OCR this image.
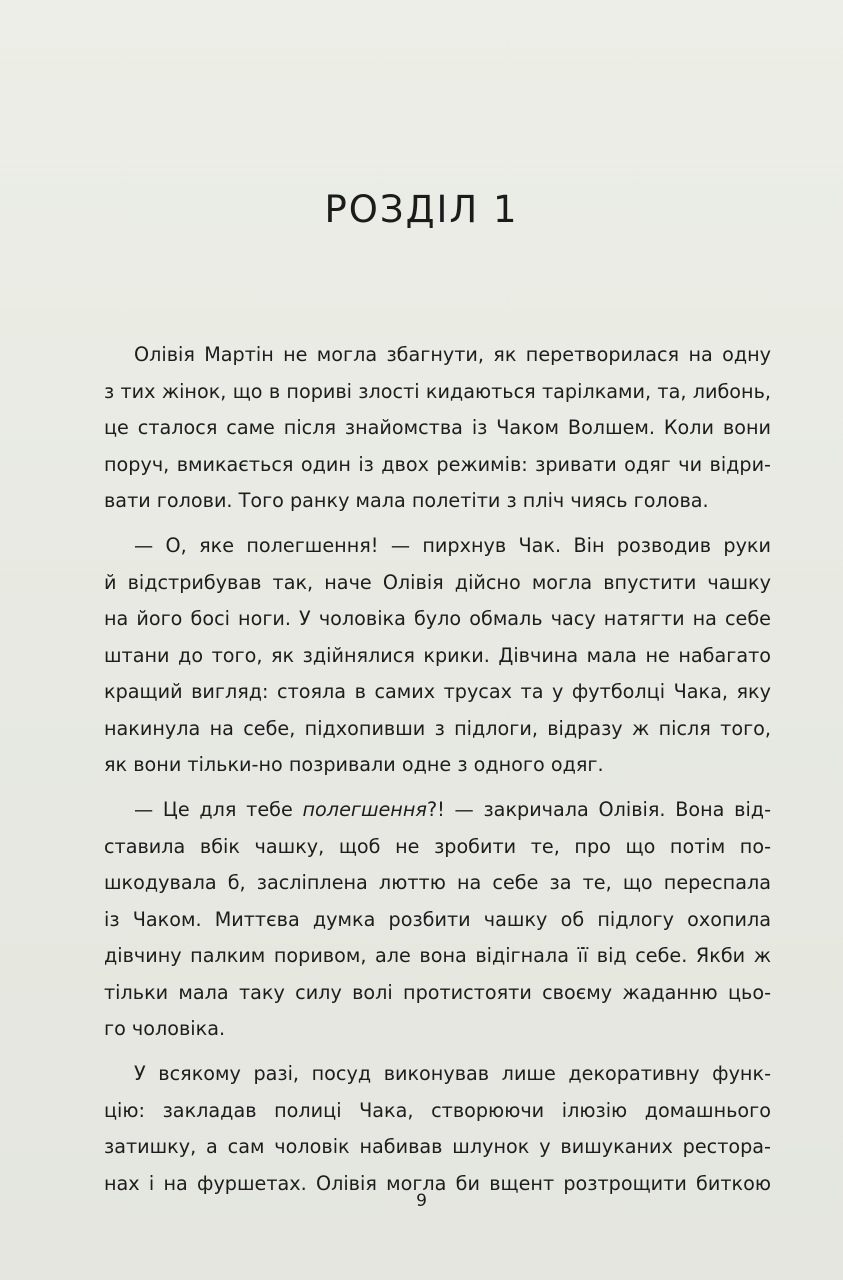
РОЗДІЛ 1
Олівія Мартін не могла збагнути, як перетворилася на одну
з тих жінок, що в пориві злості кидаються тарілками, та, либонь,
це сталося саме після знайомства із Чаком Волшем. Коли вони
поруч, вмикається один із двох режимів: зривати одяг чи відри-
вати голови. Того ранку мала полетіти з пліч чиясь голова.
— О, яке полегшення! — пирхнув Чак. Він розводив руки
й відстрибував так, наче Олівія дійсно могла впустити чашку
на його босі ноги. У чоловіка було обмаль часу натягти на себе
штани до того, як здійнялися крики. Дівчина мала не набагато
кращий вигляд: стояла в самих трусах та у футболці Чака, яку
накинула на себе, підхопивши з підлоги, відразу ж після того,
як вони тільки-но позривали одне з одного одяг.
— Це для тебе полегшення?! — закричала Олівія. Вона від-
ставила вбік чашку, щоб не зробити те, про що потім по-
шкодувала б, засліплена люттю на себе за те, що переспала
із Чаком. Миттєва думка розбити чашку об підлогу охопила
дівчину палким поривом, але вона відігнала її від себе. Якби ж
тільки мала таку силу волі протистояти своєму жаданню цьо-
го чоловіка.
У всякому разі, посуд виконував лише декоративну функ-
цію: закладав полиці Чака, створюючи ілюзію домашнього
затишку, а сам чоловік набивав шлунок у вишуканих рестора-
нах і на фуршетах. Олівія могла би вщент розтрощити биткою
9
